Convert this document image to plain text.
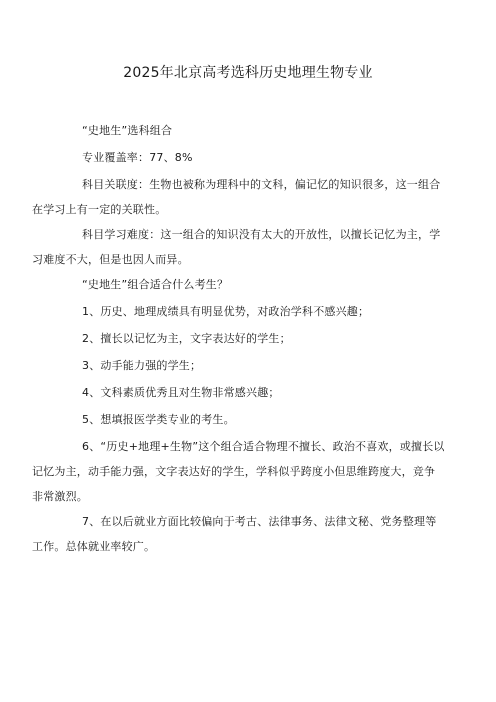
2025年北京高考选科历史地理生物专业

“史地生”选科组合

专业覆盖率：77、8%

科目关联度：生物也被称为理科中的文科，偏记忆的知识很多，这一组合在学习上有一定的关联性。

科目学习难度：这一组合的知识没有太大的开放性，以擅长记忆为主，学习难度不大，但是也因人而异。

“史地生”组合适合什么考生？

1、历史、地理成绩具有明显优势，对政治学科不感兴趣；

2、擅长以记忆为主，文字表达好的学生；

3、动手能力强的学生；

4、文科素质优秀且对生物非常感兴趣；

5、想填报医学类专业的考生。

6、“历史+地理+生物”这个组合适合物理不擅长、政治不喜欢，或擅长以记忆为主，动手能力强，文字表达好的学生，学科似乎跨度小但思维跨度大，竞争非常激烈。

7、在以后就业方面比较偏向于考古、法律事务、法律文秘、党务整理等工作。总体就业率较广。
